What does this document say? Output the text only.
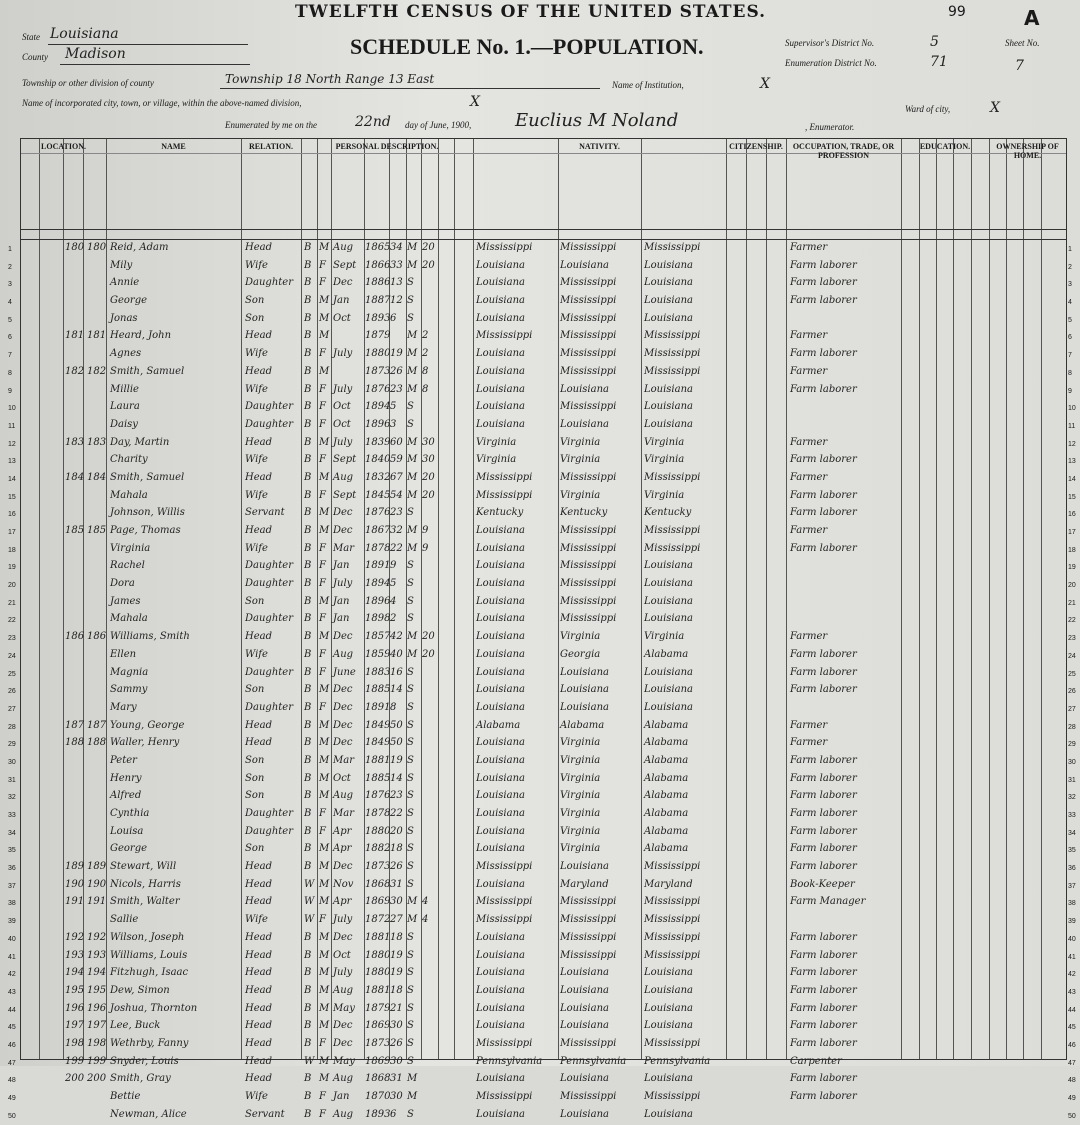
TWELFTH CENSUS OF THE UNITED STATES.	99	A
State Louisiana
County Madison	SCHEDULE No. 1.—POPULATION.	Supervisor's District No.	5
Enumeration District No.	71
Sheet No.
7
Township or other division of county	Township 18 North Range 13 East	Name of Institution,	X
Name of incorporated city, town, or village, within the above-named division,	X	Ward of city,	X
Enumerated by me on the	22nd day of June, 1900, Euclius M Noland	, Enumerator.
LOCATION.	NAME	RELATION.	PERSONAL DESCRIPTION.	NATIVITY.	CITIZENSHIP.	OCCUPATION, TRADE, OR PROFESSION
EDUCATION.	OWNERSHIP OF HOME.
1	1
180 180 Reid, Adam	Head	B M Aug 1865 34 M 20	Mississippi	Mississippi	Mississippi	Farmer
2	2
Mily	Wife	B F Sept 1866 33 M 20	Louisiana	Louisiana	Louisiana	Farm laborer
3	3
Annie	Daughter B F Dec 1886 13 S	Louisiana	Mississippi	Louisiana	Farm laborer
4	4
George	Son	B M Jan 1887 12 S	Louisiana	Mississippi	Louisiana	Farm laborer
5	5
Jonas	Son	B M Oct 1893 6 S	Louisiana	Mississippi	Louisiana
6	6
181 181 Heard, John	Head	B M	1879 M 2	Mississippi	Mississippi	Mississippi	Farmer
7	7
Agnes	Wife	B F July 1880 19 M 2	Louisiana	Mississippi	Mississippi	Farm laborer
8	8
182 182 Smith, Samuel	Head	B M	1873 26 M 8	Louisiana	Mississippi	Mississippi	Farmer
9	9
Millie	Wife	B F July 1876 23 M 8	Louisiana	Louisiana	Louisiana	Farm laborer
10	10
Laura	Daughter B F Oct 1894 5 S	Louisiana	Mississippi	Louisiana
11	11
Daisy	Daughter B F Oct 1896 3 S	Louisiana	Louisiana	Louisiana
12	12
183 183 Day, Martin	Head	B M July 1839 60 M 30	Virginia	Virginia	Virginia	Farmer
13	13
Charity	Wife	B F Sept 1840 59 M 30	Virginia	Virginia	Virginia	Farm laborer
14	14
184 184 Smith, Samuel	Head	B M Aug 1832 67 M 20	Mississippi	Mississippi	Mississippi	Farmer
15	15
Mahala	Wife	B F Sept 1845 54 M 20	Mississippi	Virginia	Virginia	Farm laborer
16	16
Johnson, Willis	Servant B M Dec 1876 23 S	Kentucky	Kentucky	Kentucky	Farm laborer
17	17
185 185 Page, Thomas	Head	B M Dec 1867 32 M 9	Louisiana	Mississippi	Mississippi	Farmer
18	18
Virginia	Wife	B F Mar 1878 22 M 9	Louisiana	Mississippi	Mississippi	Farm laborer
19	19
Rachel	Daughter B F Jan 1891 9 S	Louisiana	Mississippi	Louisiana
20	20
Dora	Daughter B F July 1894 5 S	Louisiana	Mississippi	Louisiana
21	21
James	Son	B M Jan 1896 4 S	Louisiana	Mississippi	Louisiana
22	22
Mahala	Daughter B F Jan 1898 2 S	Louisiana	Mississippi	Louisiana
23	23
186 186 Williams, Smith	Head	B M Dec 1857 42 M 20	Louisiana	Virginia	Virginia	Farmer
24	24
Ellen	Wife	B F Aug 1859 40 M 20	Louisiana	Georgia	Alabama	Farm laborer
25	25
Magnia	Daughter B F June 1883 16 S	Louisiana	Louisiana	Louisiana	Farm laborer
26	26
Sammy	Son	B M Dec 1885 14 S	Louisiana	Louisiana	Louisiana	Farm laborer
27	27
Mary	Daughter B F Dec 1891 8 S	Louisiana	Louisiana	Louisiana
28	28
187 187 Young, George	Head	B M Dec 1849 50 S	Alabama	Alabama	Alabama	Farmer
29	29
188 188 Waller, Henry	Head	B M Dec 1849 50 S	Louisiana	Virginia	Alabama	Farmer
30	30
Peter	Son	B M Mar 1881 19 S	Louisiana	Virginia	Alabama	Farm laborer
31	31
Henry	Son	B M Oct 1885 14 S	Louisiana	Virginia	Alabama	Farm laborer
32	32
Alfred	Son	B M Aug 1876 23 S	Louisiana	Virginia	Alabama	Farm laborer
33	33
Cynthia	Daughter B F Mar 1878 22 S	Louisiana	Virginia	Alabama	Farm laborer
34	34
Louisa	Daughter B F Apr 1880 20 S	Louisiana	Virginia	Alabama	Farm laborer
35	35
George	Son	B M Apr 1882 18 S	Louisiana	Virginia	Alabama	Farm laborer
36	36
189 189 Stewart, Will	Head	B M Dec 1873 26 S	Mississippi	Louisiana	Mississippi	Farm laborer
37	37
190 190 Nicols, Harris	Head	W M Nov 1868 31 S	Louisiana	Maryland	Maryland	Book-Keeper
38	38
191 191 Smith, Walter	Head	W M Apr 1869 30 M 4	Mississippi	Mississippi	Mississippi	Farm Manager
39	39
Sallie	Wife	W F July 1872 27 M 4	Mississippi	Mississippi	Mississippi
40	40
192 192 Wilson, Joseph	Head	B M Dec 1881 18 S	Louisiana	Mississippi	Mississippi	Farm laborer
41	41
193 193 Williams, Louis	Head	B M Oct 1880 19 S	Louisiana	Mississippi	Mississippi	Farm laborer
42	42
194 194 Fitzhugh, Isaac	Head	B M July 1880 19 S	Louisiana	Louisiana	Louisiana	Farm laborer
43	43
195 195 Dew, Simon	Head	B M Aug 1881 18 S	Louisiana	Louisiana	Louisiana	Farm laborer
44	44
196 196 Joshua, Thornton	Head	B M May 1879 21 S	Louisiana	Louisiana	Louisiana	Farm laborer
45	45
197 197 Lee, Buck	Head	B M Dec 1869 30 S	Louisiana	Louisiana	Louisiana	Farm laborer
46	46
198 198 Wethrby, Fanny	Head	B F Dec 1873 26 S	Mississippi	Mississippi	Mississippi	Farm laborer
47	47
199 199 Snyder, Louis	Head	W M May 1869 30 S	Pennsylvania Pennsylvania Pennsylvania	Carpenter
48	48
200 200 Smith, Gray	Head	B M Aug 1868 31 M	Louisiana	Louisiana	Louisiana	Farm laborer
49	49
Bettie	Wife	B F Jan 1870 30 M	Mississippi	Mississippi	Mississippi	Farm laborer
50	50
Newman, Alice	Servant B F Aug 1893 6 S	Louisiana	Louisiana	Louisiana
